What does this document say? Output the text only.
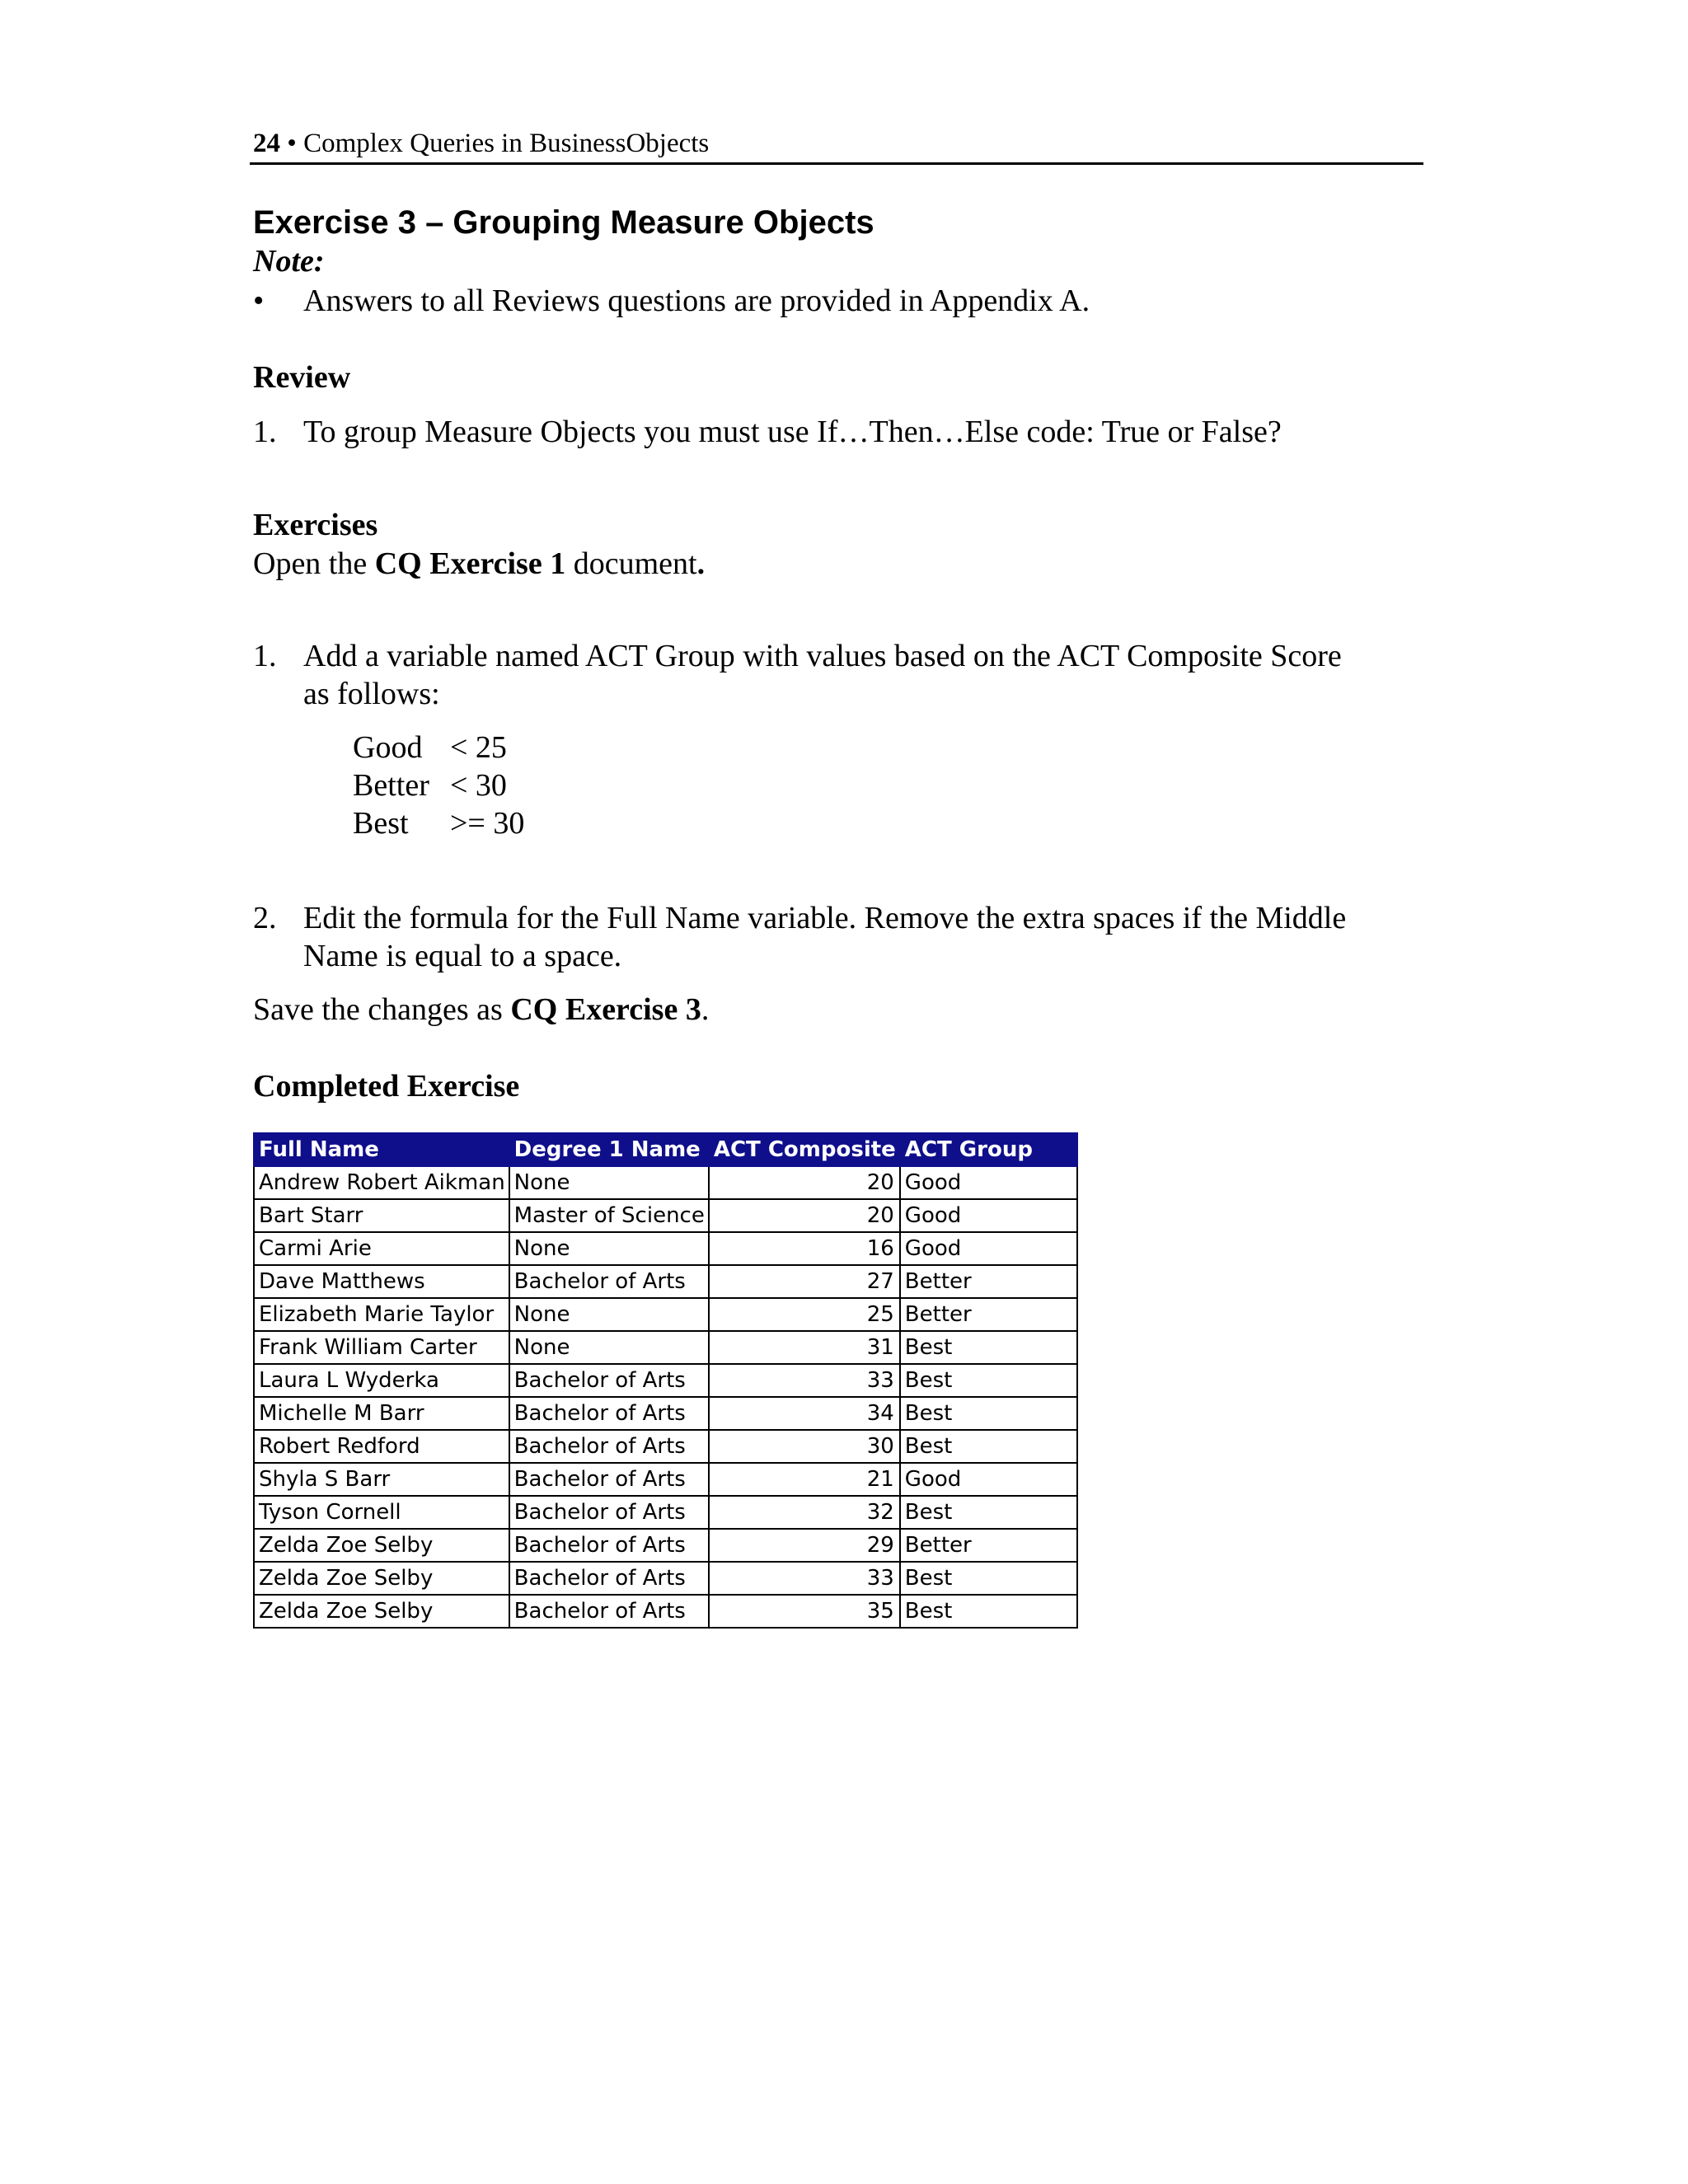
24 • Complex Queries in BusinessObjects
Exercise 3 – Grouping Measure Objects
Note:
• Answers to all Reviews questions are provided in Appendix A.
Review
1. To group Measure Objects you must use If…Then…Else code: True or False?
Exercises
Open the CQ Exercise 1 document.
1. Add a variable named ACT Group with values based on the ACT Composite Score
as follows:
Good < 25
Better < 30
Best >= 30
2. Edit the formula for the Full Name variable. Remove the extra spaces if the Middle
Name is equal to a space.
Save the changes as CQ Exercise 3.
Completed Exercise
Full Name	Degree 1 Name	ACT Composite	ACT Group
Andrew Robert Aikman	None	20	Good
Bart Starr	Master of Science	20	Good
Carmi Arie	None	16	Good
Dave Matthews	Bachelor of Arts	27	Better
Elizabeth Marie Taylor	None	25	Better
Frank William Carter	None	31	Best
Laura L Wyderka	Bachelor of Arts	33	Best
Michelle M Barr	Bachelor of Arts	34	Best
Robert Redford	Bachelor of Arts	30	Best
Shyla S Barr	Bachelor of Arts	21	Good
Tyson Cornell	Bachelor of Arts	32	Best
Zelda Zoe Selby	Bachelor of Arts	29	Better
Zelda Zoe Selby	Bachelor of Arts	33	Best
Zelda Zoe Selby	Bachelor of Arts	35	Best
